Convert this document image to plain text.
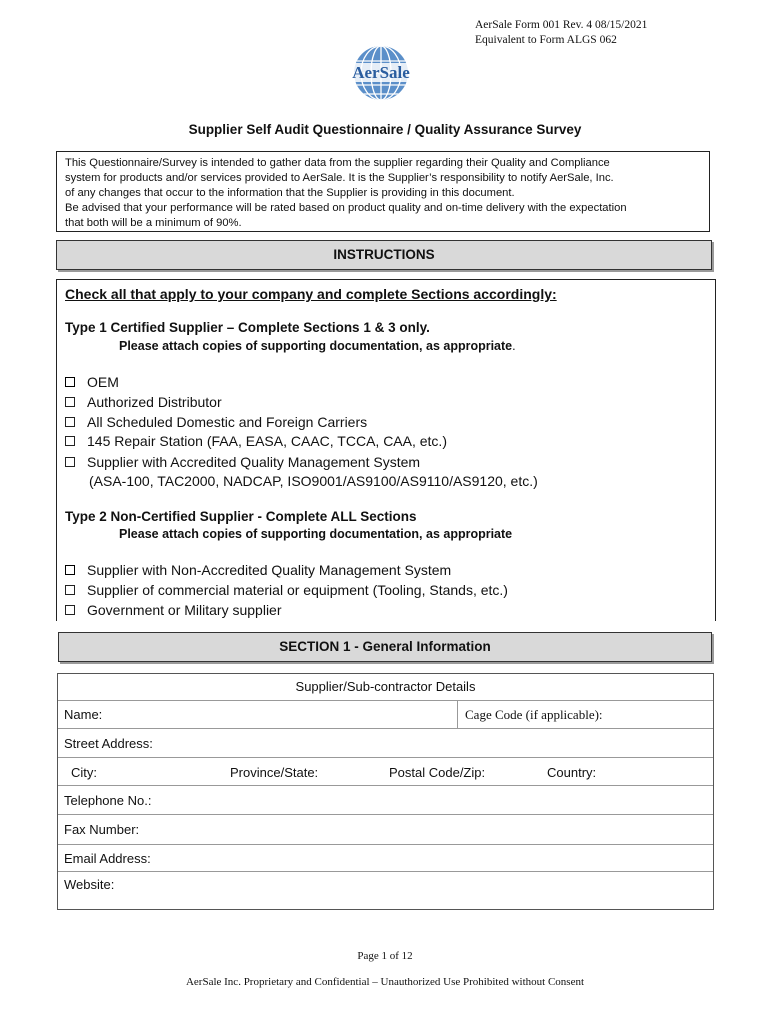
AerSale Form 001 Rev. 4 08/15/2021
Equivalent to Form ALGS 062
AerSale
Supplier Self Audit Questionnaire / Quality Assurance Survey
This Questionnaire/Survey is intended to gather data from the supplier regarding their Quality and Compliance
system for products and/or services provided to AerSale. It is the Supplier’s responsibility to notify AerSale, Inc.
of any changes that occur to the information that the Supplier is providing in this document.
Be advised that your performance will be rated based on product quality and on-time delivery with the expectation
that both will be a minimum of 90%.
INSTRUCTIONS
Check all that apply to your company and complete Sections accordingly:
Type 1 Certified Supplier – Complete Sections 1 & 3 only.
Please attach copies of supporting documentation, as appropriate.
OEM
Authorized Distributor
All Scheduled Domestic and Foreign Carriers
145 Repair Station (FAA, EASA, CAAC, TCCA, CAA, etc.)
Supplier with Accredited Quality Management System
(ASA-100, TAC2000, NADCAP, ISO9001/AS9100/AS9110/AS9120, etc.)
Type 2 Non-Certified Supplier - Complete ALL Sections
Please attach copies of supporting documentation, as appropriate
Supplier with Non-Accredited Quality Management System
Supplier of commercial material or equipment (Tooling, Stands, etc.)
Government or Military supplier
SECTION 1 - General Information
Supplier/Sub-contractor Details
Name:	Cage Code (if applicable):
Street Address:
City:	Province/State:	Postal Code/Zip:	Country:
Telephone No.:
Fax Number:
Email Address:
Website:
Page 1 of 12
AerSale Inc. Proprietary and Confidential – Unauthorized Use Prohibited without Consent
